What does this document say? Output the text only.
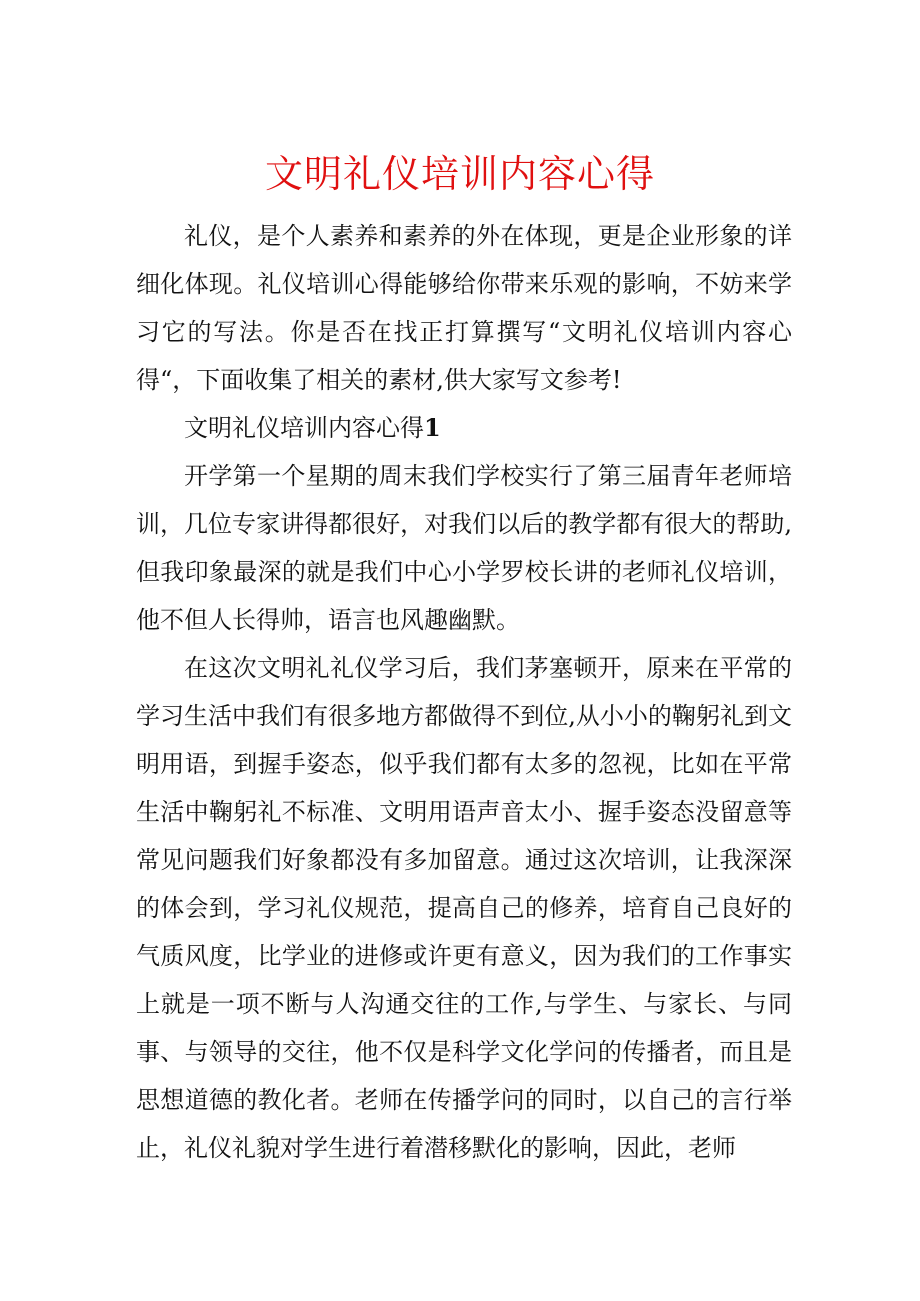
文明礼仪培训内容心得

礼仪，是个人素养和素养的外在体现，更是企业形象的详细化体现。礼仪培训心得能够给你带来乐观的影响，不妨来学习它的写法。你是否在找正打算撰写“文明礼仪培训内容心得“，下面收集了相关的素材,供大家写文参考!

文明礼仪培训内容心得1

开学第一个星期的周末我们学校实行了第三届青年老师培训，几位专家讲得都很好，对我们以后的教学都有很大的帮助,但我印象最深的就是我们中心小学罗校长讲的老师礼仪培训，他不但人长得帅，语言也风趣幽默。

在这次文明礼礼仪学习后，我们茅塞顿开，原来在平常的学习生活中我们有很多地方都做得不到位,从小小的鞠躬礼到文明用语，到握手姿态，似乎我们都有太多的忽视，比如在平常生活中鞠躬礼不标准、文明用语声音太小、握手姿态没留意等常见问题我们好象都没有多加留意。通过这次培训，让我深深的体会到，学习礼仪规范，提高自己的修养，培育自己良好的气质风度，比学业的进修或许更有意义，因为我们的工作事实上就是一项不断与人沟通交往的工作,与学生、与家长、与同事、与领导的交往，他不仅是科学文化学问的传播者，而且是思想道德的教化者。老师在传播学问的同时，以自己的言行举止，礼仪礼貌对学生进行着潜移默化的影响，因此，老师
